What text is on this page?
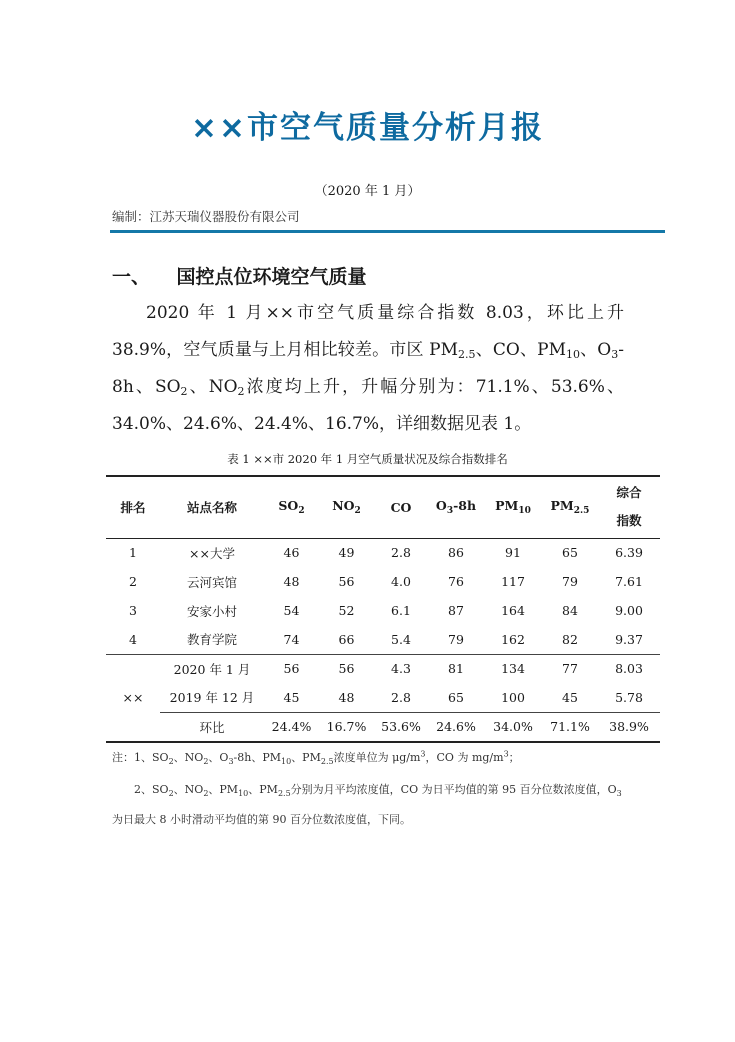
××市空气质量分析月报
（2020 年 1 月）
编制：江苏天瑞仪器股份有限公司
一、 国控点位环境空气质量

2020 年 1 月××市空气质量综合指数 8.03，环比上升 38.9%，空气质量与上月相比较差。市区 $PM_{2.5}$、CO、$PM_{10}$、$O_3-8h$、$SO_2$、$NO_2$浓度均上升，升幅分别为：71.1%、53.6%、34.0%、24.6%、24.4%、16.7%，详细数据见表 1。

表 1 ××市 2020 年 1 月空气质量状况及综合指数排名
排名	站点名称	$SO_2$	$NO_2$	CO	$O_3-8h$	$PM_{10}$	$PM_{2.5}$	综合
指数
1	××大学	46	49	2.8	86	91	65	6.39
2	云河宾馆	48	56	4.0	76	117	79	7.61
3	安家小村	54	52	6.1	87	164	84	9.00
4	教育学院	74	66	5.4	79	162	82	9.37
××	2020 年 1 月	56	56	4.3	81	134	77	8.03
	2019 年 12 月	45	48	2.8	65	100	45	5.78
	环比	24.4%	16.7%	53.6%	24.6%	34.0%	71.1%	38.9%

注：1、$SO_2$、$NO_2$、$O_3-8h$、$PM_{10}$、$PM_{2.5}$浓度单位为 $\mu g/m^3$，CO 为 $mg/m^3$；

2、$SO_2$、$NO_2$、$PM_{10}$、$PM_{2.5}$分别为月平均浓度值，CO 为日平均值的第 95 百分位数浓度值，$O_3$为日最大 8 小时滑动平均值的第 90 百分位数浓度值，下同。
